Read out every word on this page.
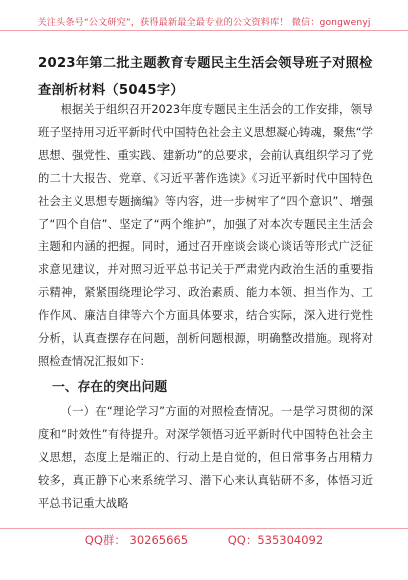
关注头条号“公文研究”，获得最新最全最专业的公文资料库！ 微信：gongwenyj
2023年第二批主题教育专题民主生活会领导班子对照检查剖析材料（5045字）

根据关于组织召开2023年度专题民主生活会的工作安排，领导班子坚持用习近平新时代中国特色社会主义思想凝心铸魂，聚焦“学思想、强党性、重实践、建新功”的总要求，会前认真组织学习了党的二十大报告、党章、《习近平著作选读》《习近平新时代中国特色社会主义思想专题摘编》等内容，进一步树牢了“四个意识”、增强了“四个自信”、坚定了“两个维护”，加强了对本次专题民主生活会主题和内涵的把握。同时，通过召开座谈会谈心谈话等形式广泛征求意见建议，并对照习近平总书记关于严肃党内政治生活的重要指示精神，紧紧围绕理论学习、政治素质、能力本领、担当作为、工作作风、廉洁自律等六个方面具体要求，结合实际，深入进行党性分析，认真查摆存在问题，剖析问题根源，明确整改措施。现将对照检查情况汇报如下：

一、存在的突出问题

（一）在“理论学习”方面的对照检查情况。一是学习贯彻的深度和“时效性”有待提升。对深学领悟习近平新时代中国特色社会主义思想，态度上是端正的、行动上是自觉的，但日常事务占用精力较多，真正静下心来系统学习、潜下心来认真钻研不多，体悟习近平总书记重大战略

QQ群： 30265665	QQ：535304092
